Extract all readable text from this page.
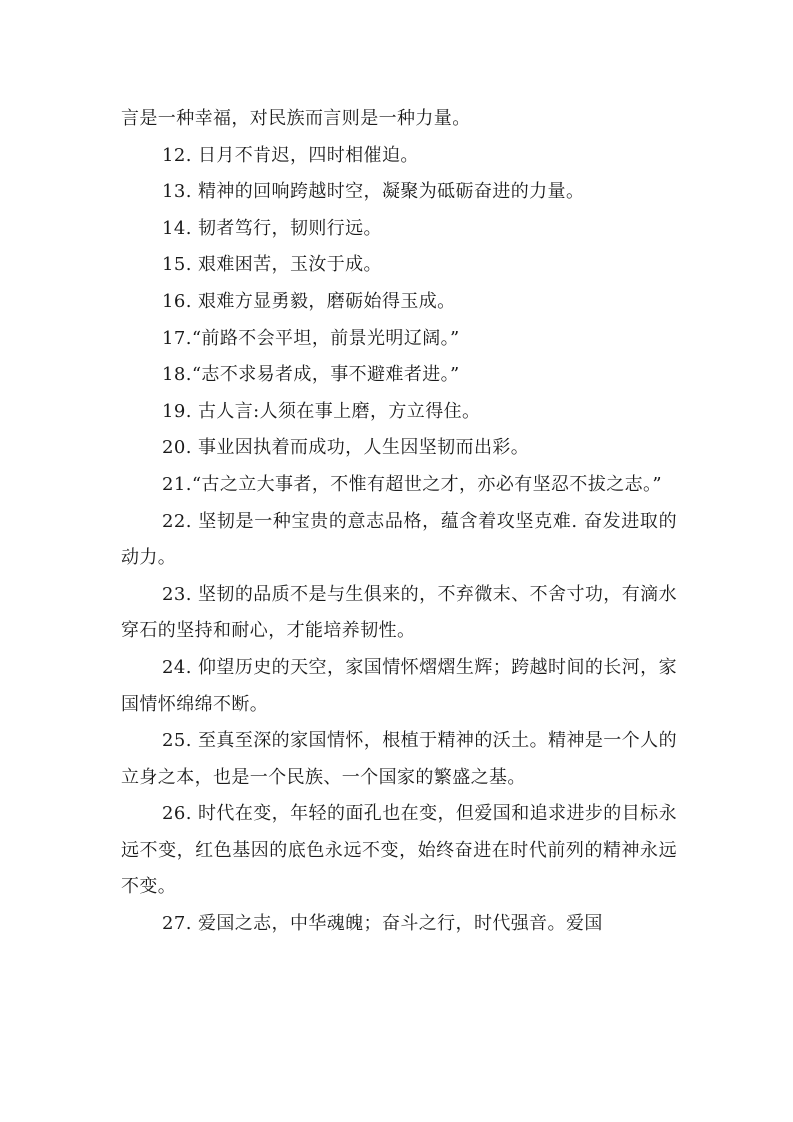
言是一种幸福，对民族而言则是一种力量。

12. 日月不肯迟，四时相催迫。

13. 精神的回响跨越时空，凝聚为砥砺奋进的力量。

14. 韧者笃行，韧则行远。

15. 艰难困苦，玉汝于成。

16. 艰难方显勇毅，磨砺始得玉成。

17.“前路不会平坦，前景光明辽阔。”

18.“志不求易者成，事不避难者进。”

19. 古人言:人须在事上磨，方立得住。

20. 事业因执着而成功，人生因坚韧而出彩。

21.“古之立大事者，不惟有超世之才，亦必有坚忍不拔之志。”

22. 坚韧是一种宝贵的意志品格，蕴含着攻坚克难. 奋发进取的动力。

23. 坚韧的品质不是与生俱来的，不弃微末、不舍寸功，有滴水穿石的坚持和耐心，才能培养韧性。

24. 仰望历史的天空，家国情怀熠熠生辉；跨越时间的长河，家国情怀绵绵不断。

25. 至真至深的家国情怀，根植于精神的沃土。精神是一个人的立身之本，也是一个民族、一个国家的繁盛之基。

26. 时代在变，年轻的面孔也在变，但爱国和追求进步的目标永远不变，红色基因的底色永远不变，始终奋进在时代前列的精神永远不变。

27. 爱国之志，中华魂魄；奋斗之行，时代强音。爱国
